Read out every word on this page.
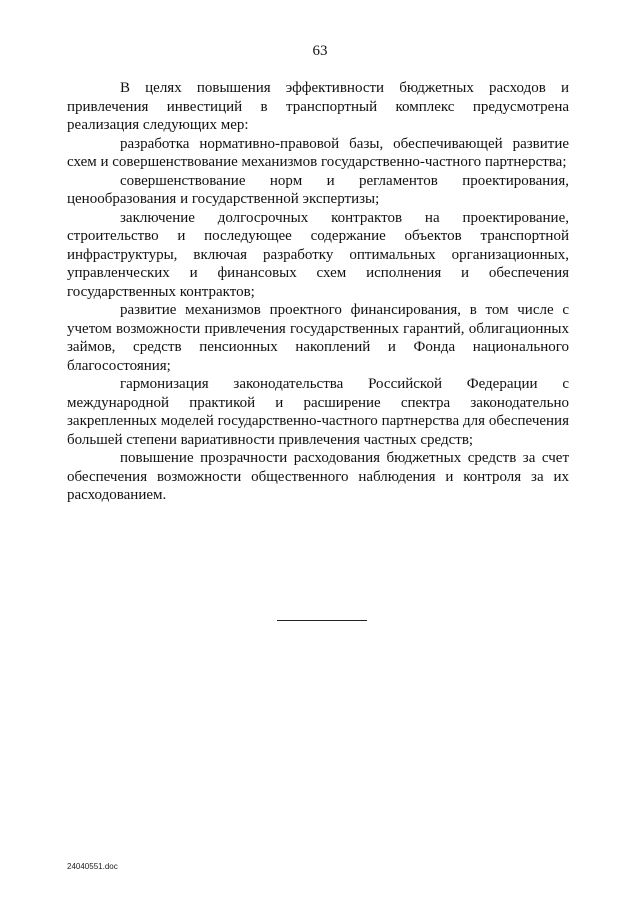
63

В целях повышения эффективности бюджетных расходов и привлечения инвестиций в транспортный комплекс предусмотрена реализация следующих мер:

разработка нормативно-правовой базы, обеспечивающей развитие схем и совершенствование механизмов государственно-частного партнерства;

совершенствование норм и регламентов проектирования, ценообразования и государственной экспертизы;

заключение долгосрочных контрактов на проектирование, строительство и последующее содержание объектов транспортной инфраструктуры, включая разработку оптимальных организационных, управленческих и финансовых схем исполнения и обеспечения государственных контрактов;

развитие механизмов проектного финансирования, в том числе с учетом возможности привлечения государственных гарантий, облигационных займов, средств пенсионных накоплений и Фонда национального благосостояния;

гармонизация законодательства Российской Федерации с международной практикой и расширение спектра законодательно закрепленных моделей государственно-частного партнерства для обеспечения большей степени вариативности привлечения частных средств;

повышение прозрачности расходования бюджетных средств за счет обеспечения возможности общественного наблюдения и контроля за их расходованием.

24040551.doc
